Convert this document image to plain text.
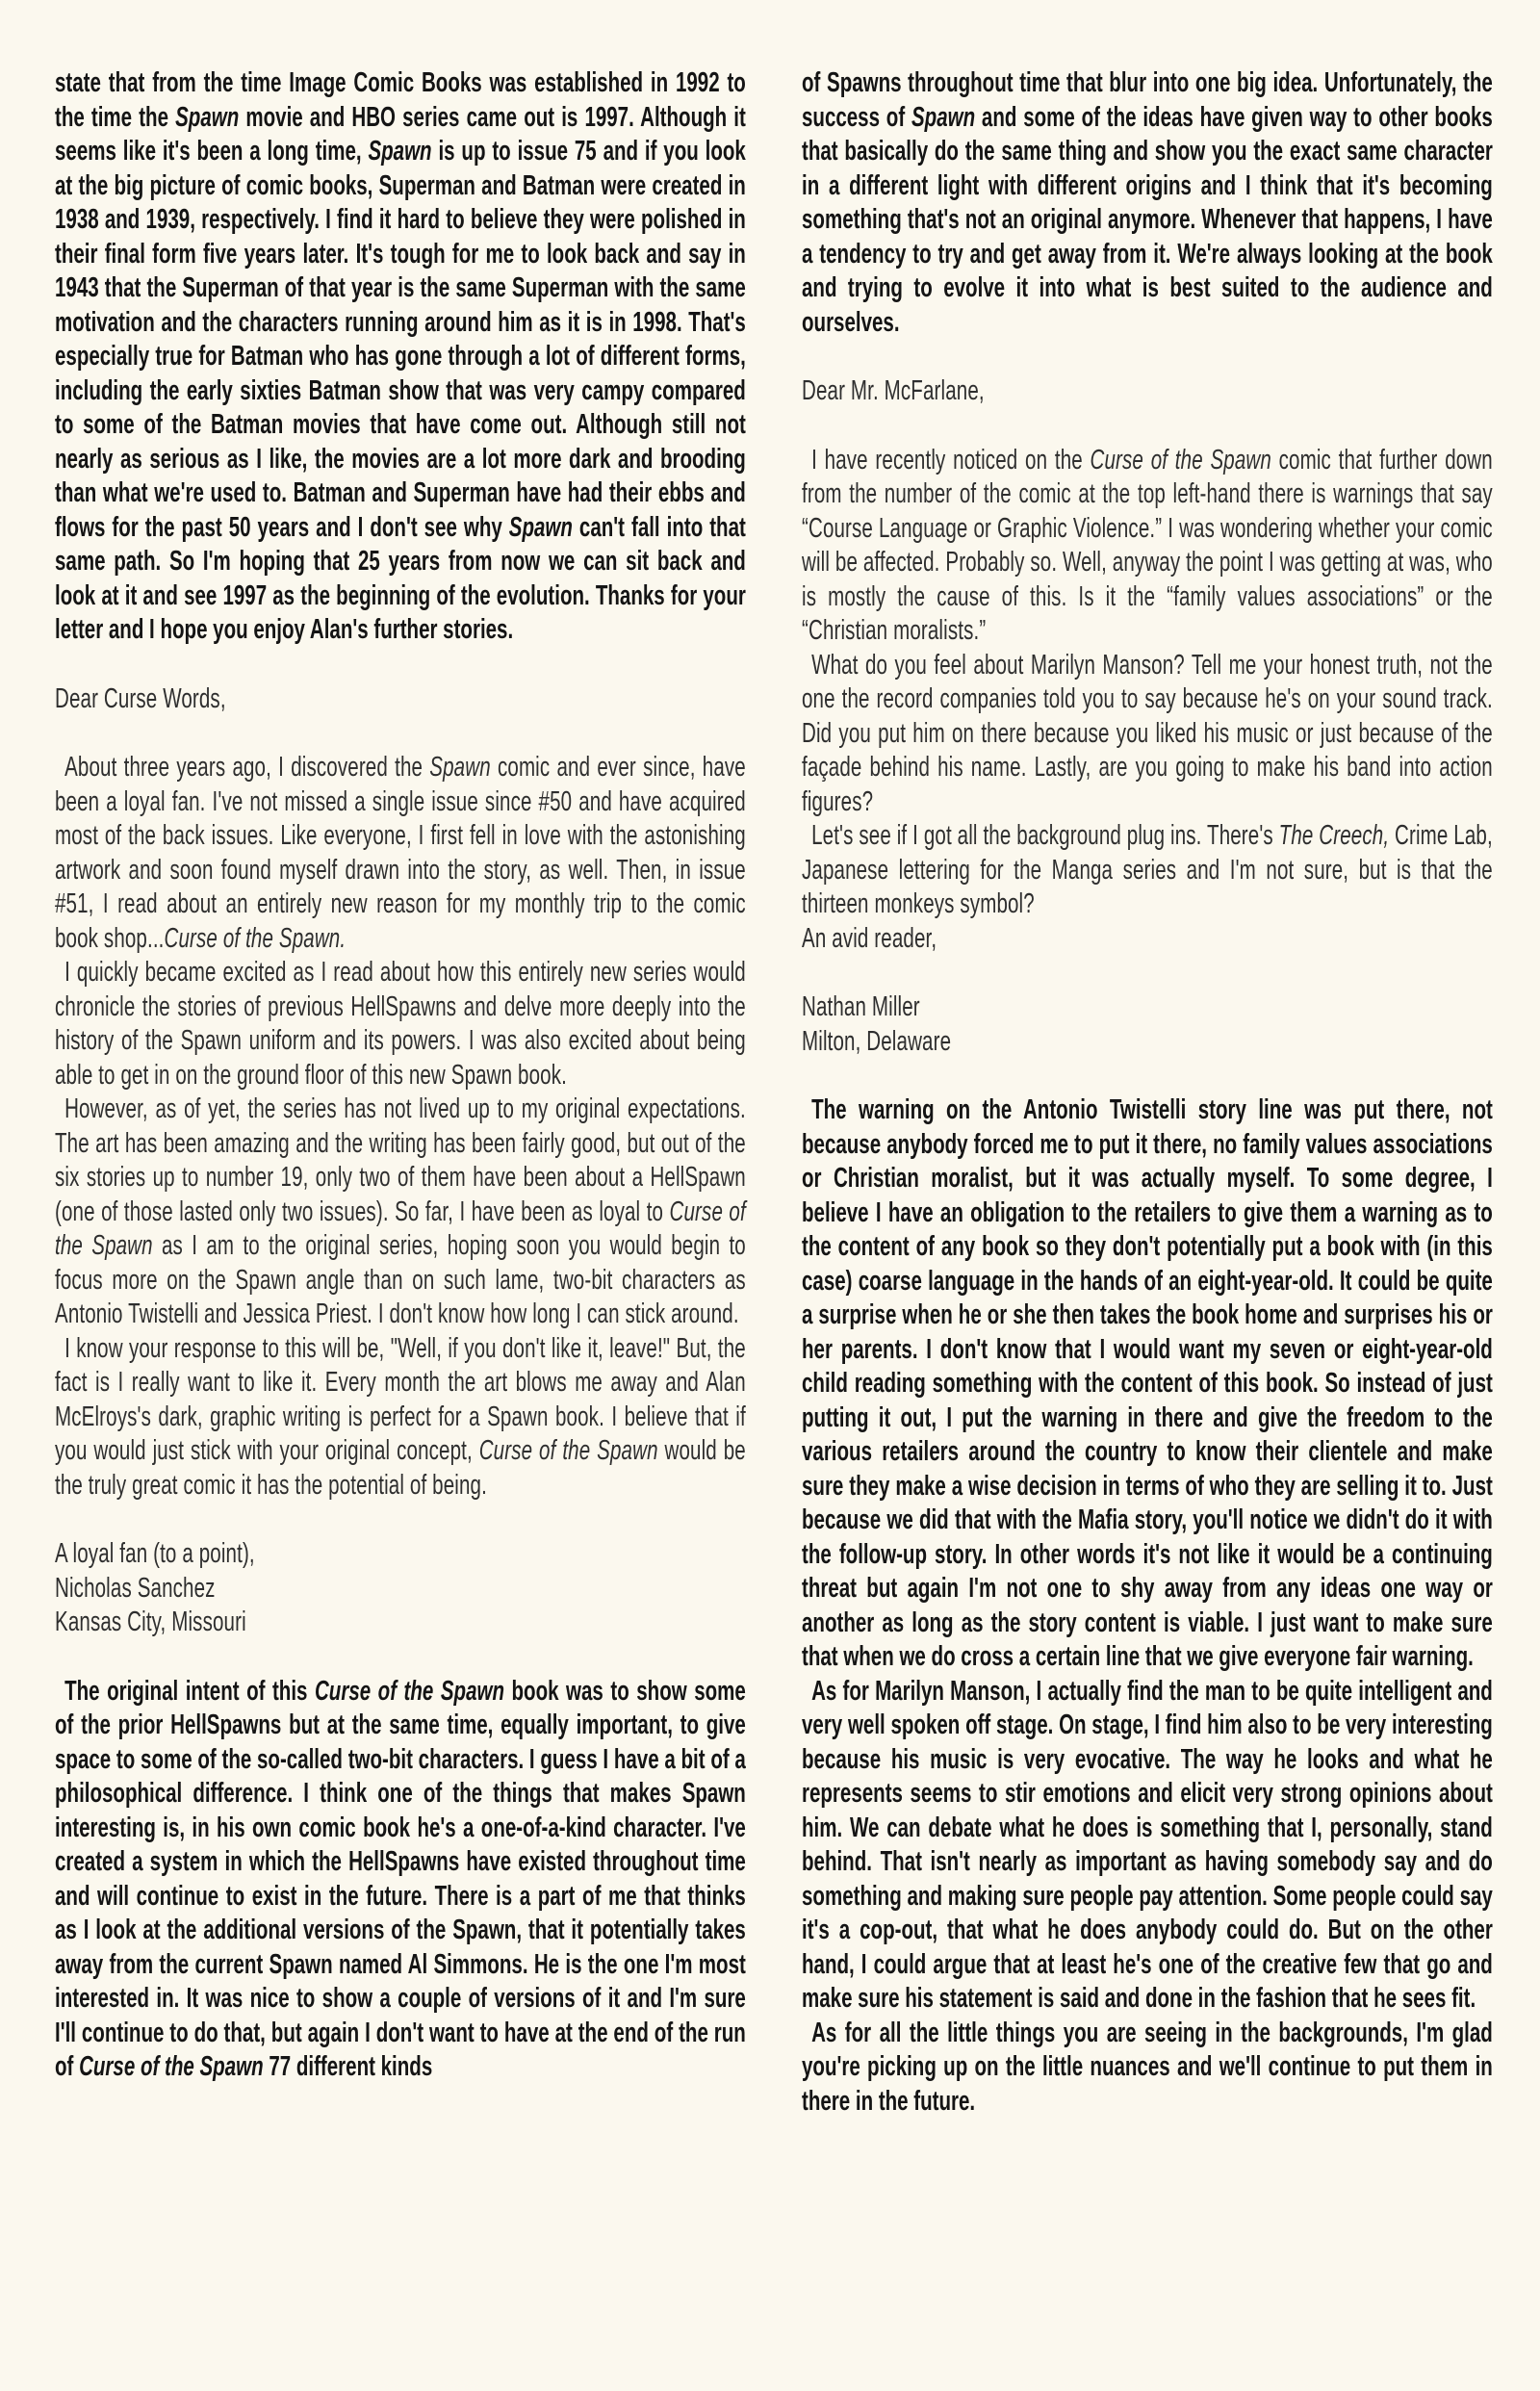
state that from the time Image Comic Books was established in 1992 to the time the Spawn movie and HBO series came out is 1997. Although it seems like it's been a long time, Spawn is up to issue 75 and if you look at the big picture of comic books, Superman and Batman were created in 1938 and 1939, respectively. I find it hard to believe they were polished in their final form five years later. It's tough for me to look back and say in 1943 that the Superman of that year is the same Superman with the same motivation and the characters running around him as it is in 1998. That's especially true for Batman who has gone through a lot of different forms, including the early sixties Batman show that was very campy compared to some of the Batman movies that have come out. Although still not nearly as serious as I like, the movies are a lot more dark and brooding than what we're used to. Batman and Superman have had their ebbs and flows for the past 50 years and I don't see why Spawn can't fall into that same path. So I'm hoping that 25 years from now we can sit back and look at it and see 1997 as the beginning of the evolution. Thanks for your letter and I hope you enjoy Alan's further stories.

Dear Curse Words,

About three years ago, I discovered the Spawn comic and ever since, have been a loyal fan. I've not missed a single issue since #50 and have acquired most of the back issues. Like everyone, I first fell in love with the astonishing artwork and soon found myself drawn into the story, as well. Then, in issue #51, I read about an entirely new reason for my monthly trip to the comic book shop...Curse of the Spawn.

I quickly became excited as I read about how this entirely new series would chronicle the stories of previous HellSpawns and delve more deeply into the history of the Spawn uniform and its powers. I was also excited about being able to get in on the ground floor of this new Spawn book.

However, as of yet, the series has not lived up to my original expectations. The art has been amazing and the writing has been fairly good, but out of the six stories up to number 19, only two of them have been about a HellSpawn (one of those lasted only two issues). So far, I have been as loyal to Curse of the Spawn as I am to the original series, hoping soon you would begin to focus more on the Spawn angle than on such lame, two-bit characters as Antonio Twistelli and Jessica Priest. I don't know how long I can stick around.

I know your response to this will be, "Well, if you don't like it, leave!" But, the fact is I really want to like it. Every month the art blows me away and Alan McElroys's dark, graphic writing is perfect for a Spawn book. I believe that if you would just stick with your original concept, Curse of the Spawn would be the truly great comic it has the potential of being.

A loyal fan (to a point),

Nicholas Sanchez

Kansas City, Missouri

The original intent of this Curse of the Spawn book was to show some of the prior HellSpawns but at the same time, equally important, to give space to some of the so-called two-bit characters. I guess I have a bit of a philosophical difference. I think one of the things that makes Spawn interesting is, in his own comic book he's a one-of-a-kind character. I've created a system in which the HellSpawns have existed throughout time and will continue to exist in the future. There is a part of me that thinks as I look at the additional versions of the Spawn, that it potentially takes away from the current Spawn named Al Simmons. He is the one I'm most interested in. It was nice to show a couple of versions of it and I'm sure I'll continue to do that, but again I don't want to have at the end of the run of Curse of the Spawn 77 different kinds

of Spawns throughout time that blur into one big idea. Unfortunately, the success of Spawn and some of the ideas have given way to other books that basically do the same thing and show you the exact same character in a different light with different origins and I think that it's becoming something that's not an original anymore. Whenever that happens, I have a tendency to try and get away from it. We're always looking at the book and trying to evolve it into what is best suited to the audience and ourselves.

Dear Mr. McFarlane,

I have recently noticed on the Curse of the Spawn comic that further down from the number of the comic at the top left-hand there is warnings that say “Course Language or Graphic Violence.” I was wondering whether your comic will be affected. Probably so. Well, anyway the point I was getting at was, who is mostly the cause of this. Is it the “family values associations” or the “Christian moralists.”

What do you feel about Marilyn Manson? Tell me your honest truth, not the one the record companies told you to say because he's on your sound track. Did you put him on there because you liked his music or just because of the façade behind his name. Lastly, are you going to make his band into action figures?

Let's see if I got all the background plug ins. There's The Creech, Crime Lab, Japanese lettering for the Manga series and I'm not sure, but is that the thirteen monkeys symbol?

An avid reader,

Nathan Miller

Milton, Delaware

The warning on the Antonio Twistelli story line was put there, not because anybody forced me to put it there, no family values associations or Christian moralist, but it was actually myself. To some degree, I believe I have an obligation to the retailers to give them a warning as to the content of any book so they don't potentially put a book with (in this case) coarse language in the hands of an eight-year-old. It could be quite a surprise when he or she then takes the book home and surprises his or her parents. I don't know that I would want my seven or eight-year-old child reading something with the content of this book. So instead of just putting it out, I put the warning in there and give the freedom to the various retailers around the country to know their clientele and make sure they make a wise decision in terms of who they are selling it to. Just because we did that with the Mafia story, you'll notice we didn't do it with the follow-up story. In other words it's not like it would be a continuing threat but again I'm not one to shy away from any ideas one way or another as long as the story content is viable. I just want to make sure that when we do cross a certain line that we give everyone fair warning.

As for Marilyn Manson, I actually find the man to be quite intelligent and very well spoken off stage. On stage, I find him also to be very interesting because his music is very evocative. The way he looks and what he represents seems to stir emotions and elicit very strong opinions about him. We can debate what he does is something that I, personally, stand behind. That isn't nearly as important as having somebody say and do something and making sure people pay attention. Some people could say it's a cop-out, that what he does anybody could do. But on the other hand, I could argue that at least he's one of the creative few that go and make sure his statement is said and done in the fashion that he sees fit.

As for all the little things you are seeing in the backgrounds, I'm glad you're picking up on the little nuances and we'll continue to put them in there in the future.
